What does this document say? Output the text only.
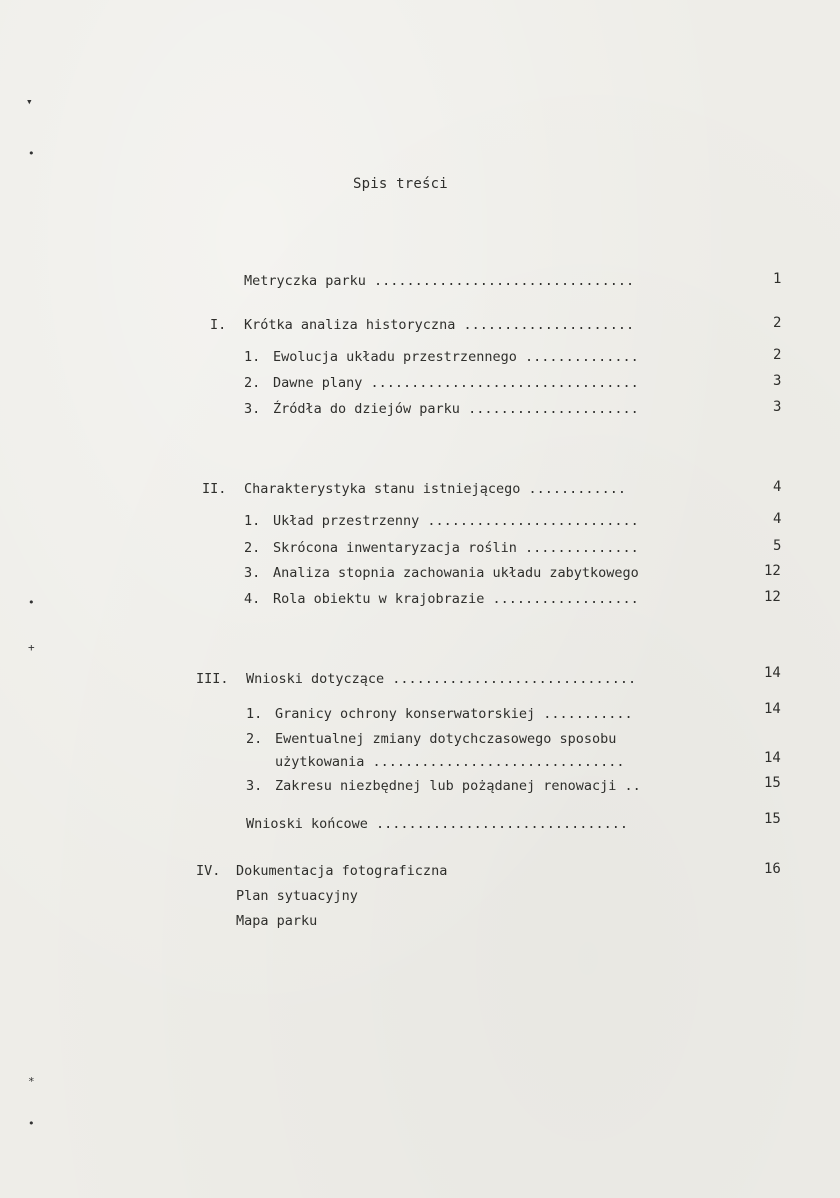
▾
•
•
+
*
•
Spis treści
Metryczka parku ................................	1
I. Krótka analiza historyczna .....................	2
1. Ewolucja układu przestrzennego ..............	2
2. Dawne plany .................................	3
3. Źródła do dziejów parku .....................	3
II. Charakterystyka stanu istniejącego ............	4
1. Układ przestrzenny ..........................	4
2. Skrócona inwentaryzacja roślin ..............	5
3. Analiza stopnia zachowania układu zabytkowego	12
4. Rola obiektu w krajobrazie ..................	12
III. Wnioski dotyczące ..............................	14
1. Granicy ochrony konserwatorskiej ...........	14
2. Ewentualnej zmiany dotychczasowego sposobu
użytkowania ...............................	14
3. Zakresu niezbędnej lub pożądanej renowacji ..	15
Wnioski końcowe ...............................	15
IV. Dokumentacja fotograficzna	16
Plan sytuacyjny
Mapa parku
